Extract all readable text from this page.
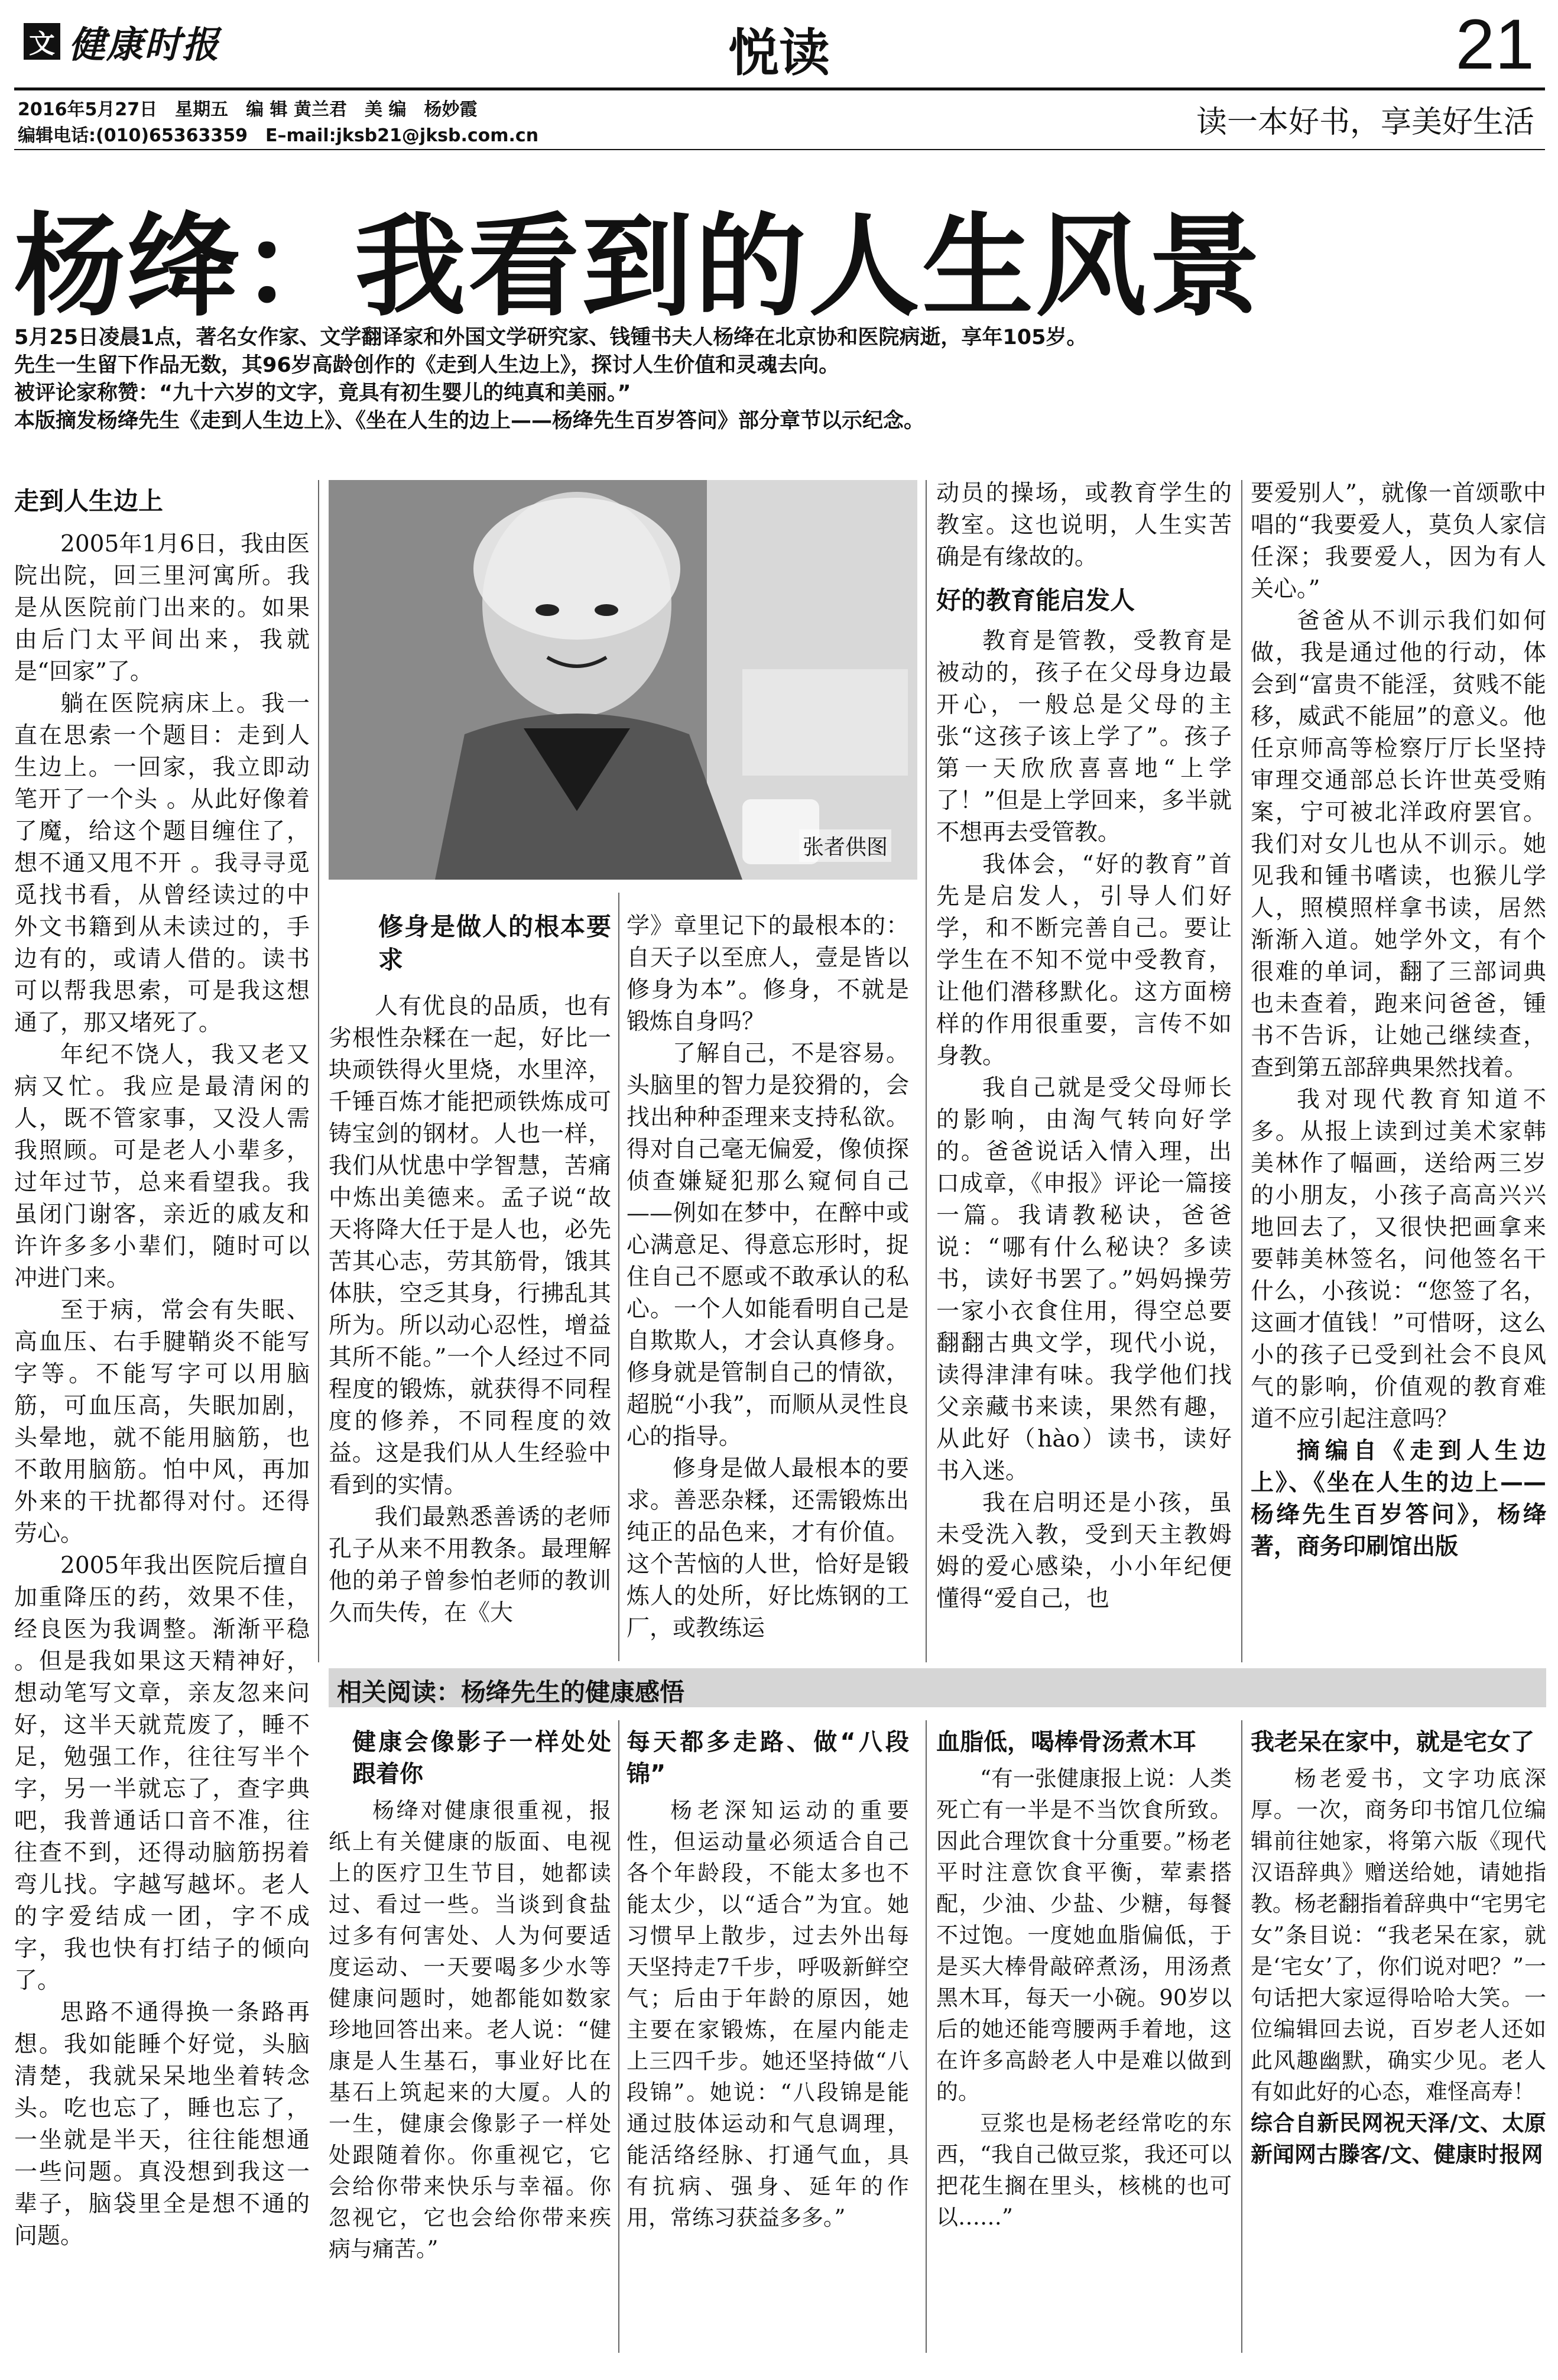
文 健康时报	悦读	21
2016年5月27日　星期五　编 辑 黄兰君　美 编　杨妙霞
编辑电话:(010)65363359　E–mail:jksb21@jksb.com.cn	读一本好书，享美好生活
杨绛：我看到的人生风景
5月25日凌晨1点，著名女作家、文学翻译家和外国文学研究家、钱锺书夫人杨绛在北京协和医院病逝，享年105岁。
先生一生留下作品无数，其96岁高龄创作的《走到人生边上》，探讨人生价值和灵魂去向。
被评论家称赞：“九十六岁的文字，竟具有初生婴儿的纯真和美丽。”
本版摘发杨绛先生《走到人生边上》、《坐在人生的边上——杨绛先生百岁答问》部分章节以示纪念。
走到人生边上

2005年1月6日，我由医院出院，回三里河寓所。我是从医院前门出来的。如果由后门太平间出来，我就是“回家”了。

躺在医院病床上。我一直在思索一个题目：走到人生边上。一回家，我立即动笔开了一个头 。从此好像着了魔，给这个题目缠住了，想不通又甩不开 。我寻寻觅觅找书看，从曾经读过的中外文书籍到从未读过的，手边有的，或请人借的。读书可以帮我思索，可是我这想通了，那又堵死了。

年纪不饶人，我又老又病又忙。我应是最清闲的人，既不管家事，又没人需我照顾。可是老人小辈多，过年过节，总来看望我。我虽闭门谢客，亲近的戚友和许许多多小辈们，随时可以冲进门来。

至于病，常会有失眠、高血压、右手腱鞘炎不能写字等。不能写字可以用脑筋，可血压高，失眠加剧，头晕地，就不能用脑筋，也不敢用脑筋。怕中风，再加外来的干扰都得对付。还得劳心。

2005年我出医院后擅自加重降压的药，效果不佳，经良医为我调整。渐渐平稳 。但是我如果这天精神好，想动笔写文章，亲友忽来问好，这半天就荒废了，睡不足，勉强工作，往往写半个字，另一半就忘了，查字典吧，我普通话口音不准，往往查不到，还得动脑筋拐着弯儿找。字越写越坏。老人的字爱结成一团，字不成字，我也快有打结子的倾向了。

思路不通得换一条路再想。我如能睡个好觉，头脑清楚，我就呆呆地坐着转念头。吃也忘了，睡也忘了，一坐就是半天，往往能想通一些问题。真没想到我这一辈子，脑袋里全是想不通的问题。

张者供图
修身是做人的根本要求

人有优良的品质，也有劣根性杂糅在一起，好比一块顽铁得火里烧，水里淬，千锤百炼才能把顽铁炼成可铸宝剑的钢材。人也一样，我们从忧患中学智慧，苦痛中炼出美德来。孟子说“故天将降大任于是人也，必先苦其心志，劳其筋骨，饿其体肤，空乏其身，行拂乱其所为。所以动心忍性，增益其所不能。”一个人经过不同程度的锻炼，就获得不同程度的修养，不同程度的效益。这是我们从人生经验中看到的实情。

我们最熟悉善诱的老师孔子从来不用教条。最理解他的弟子曾参怕老师的教训久而失传，在《大

学》章里记下的最根本的：自天子以至庶人，壹是皆以修身为本”。修身，不就是锻炼自身吗？

了解自己，不是容易。头脑里的智力是狡猾的，会找出种种歪理来支持私欲。得对自己毫无偏爱，像侦探侦查嫌疑犯那么窥伺自己——例如在梦中，在醉中或心满意足、得意忘形时，捉住自己不愿或不敢承认的私心。一个人如能看明自己是自欺欺人，才会认真修身。修身就是管制自己的情欲，超脱“小我”，而顺从灵性良心的指导。

修身是做人最根本的要求。善恶杂糅，还需锻炼出纯正的品色来，才有价值。这个苦恼的人世，恰好是锻炼人的处所，好比炼钢的工厂，或教练运

动员的操场，或教育学生的教室。这也说明，人生实苦确是有缘故的。

好的教育能启发人

教育是管教，受教育是被动的，孩子在父母身边最开心，一般总是父母的主张“这孩子该上学了”。孩子第一天欣欣喜喜地“上学了！”但是上学回来，多半就不想再去受管教。

我体会，“好的教育”首先是启发人，引导人们好学，和不断完善自己。要让学生在不知不觉中受教育，让他们潜移默化。这方面榜样的作用很重要，言传不如身教。

我自己就是受父母师长的影响，由淘气转向好学的。爸爸说话入情入理，出口成章，《申报》评论一篇接一篇。我请教秘诀，爸爸说：“哪有什么秘诀？多读书，读好书罢了。”妈妈操劳一家小衣食住用，得空总要翻翻古典文学，现代小说，读得津津有味。我学他们找父亲藏书来读，果然有趣，从此好（hào）读书，读好书入迷。

我在启明还是小孩，虽未受洗入教，受到天主教姆姆的爱心感染，小小年纪便懂得“爱自己，也

要爱别人”，就像一首颂歌中唱的“我要爱人，莫负人家信任深；我要爱人，因为有人关心。”

爸爸从不训示我们如何做，我是通过他的行动，体会到“富贵不能淫，贫贱不能移，威武不能屈”的意义。他任京师高等检察厅厅长坚持审理交通部总长许世英受贿案，宁可被北洋政府罢官。我们对女儿也从不训示。她见我和锺书嗜读，也猴儿学人，照模照样拿书读，居然渐渐入道。她学外文，有个很难的单词，翻了三部词典也未查着，跑来问爸爸，锺书不告诉，让她己继续查，查到第五部辞典果然找着。

我对现代教育知道不多。从报上读到过美术家韩美林作了幅画，送给两三岁的小朋友，小孩子高高兴兴地回去了，又很快把画拿来要韩美林签名，问他签名干什么，小孩说：“您签了名，这画才值钱！”可惜呀，这么小的孩子已受到社会不良风气的影响，价值观的教育难道不应引起注意吗？

摘编自《走到人生边上》、《坐在人生的边上——杨绛先生百岁答问》，杨绛著，商务印刷馆出版

相关阅读：杨绛先生的健康感悟
健康会像影子一样处处跟着你

杨绛对健康很重视，报纸上有关健康的版面、电视上的医疗卫生节目，她都读过、看过一些。当谈到食盐过多有何害处、人为何要适度运动、一天要喝多少水等健康问题时，她都能如数家珍地回答出来。老人说：“健康是人生基石，事业好比在基石上筑起来的大厦。人的一生，健康会像影子一样处处跟随着你。你重视它，它会给你带来快乐与幸福。你忽视它，它也会给你带来疾病与痛苦。”

每天都多走路、做“八段锦”

杨老深知运动的重要性，但运动量必须适合自己各个年龄段，不能太多也不能太少，以“适合”为宜。她习惯早上散步，过去外出每天坚持走7千步，呼吸新鲜空气；后由于年龄的原因，她主要在家锻炼，在屋内能走上三四千步。她还坚持做“八段锦”。她说：“八段锦是能通过肢体运动和气息调理，能活络经脉、打通气血，具有抗病、强身、延年的作用，常练习获益多多。”

血脂低，喝棒骨汤煮木耳

“有一张健康报上说：人类死亡有一半是不当饮食所致。因此合理饮食十分重要。”杨老平时注意饮食平衡，荤素搭配，少油、少盐、少糖，每餐不过饱。一度她血脂偏低，于是买大棒骨敲碎煮汤，用汤煮黑木耳，每天一小碗。90岁以后的她还能弯腰两手着地，这在许多高龄老人中是难以做到的。

豆浆也是杨老经常吃的东西，“我自己做豆浆，我还可以把花生搁在里头，核桃的也可以……”

我老呆在家中，就是宅女了

杨老爱书，文字功底深厚。一次，商务印书馆几位编辑前往她家，将第六版《现代汉语辞典》赠送给她，请她指教。杨老翻指着辞典中“宅男宅女”条目说：“我老呆在家，就是‘宅女’了，你们说对吧？”一句话把大家逗得哈哈大笑。一位编辑回去说，百岁老人还如此风趣幽默，确实少见。老人有如此好的心态，难怪高寿！

综合自新民网祝天泽/文、太原新闻网古滕客/文、健康时报网
